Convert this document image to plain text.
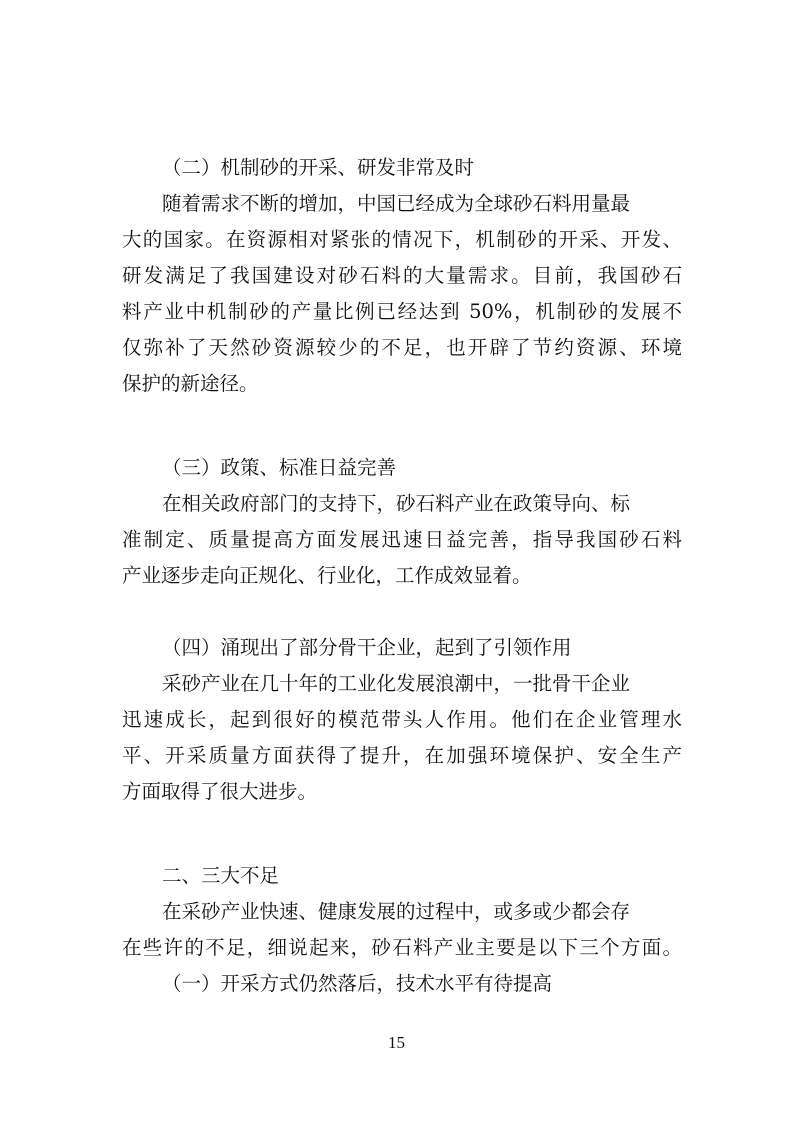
（二）机制砂的开采、研发非常及时
随着需求不断的增加，中国已经成为全球砂石料用量最
大的国家。在资源相对紧张的情况下，机制砂的开采、开发、
研发满足了我国建设对砂石料的大量需求。目前，我国砂石
料产业中机制砂的产量比例已经达到 50%，机制砂的发展不
仅弥补了天然砂资源较少的不足，也开辟了节约资源、环境
保护的新途径。
（三）政策、标准日益完善
在相关政府部门的支持下，砂石料产业在政策导向、标
准制定、质量提高方面发展迅速日益完善，指导我国砂石料
产业逐步走向正规化、行业化，工作成效显着。
（四）涌现出了部分骨干企业，起到了引领作用
采砂产业在几十年的工业化发展浪潮中，一批骨干企业
迅速成长，起到很好的模范带头人作用。他们在企业管理水
平、开采质量方面获得了提升，在加强环境保护、安全生产
方面取得了很大进步。
二、三大不足
在采砂产业快速、健康发展的过程中，或多或少都会存
在些许的不足，细说起来，砂石料产业主要是以下三个方面。
（一）开采方式仍然落后，技术水平有待提高
15
